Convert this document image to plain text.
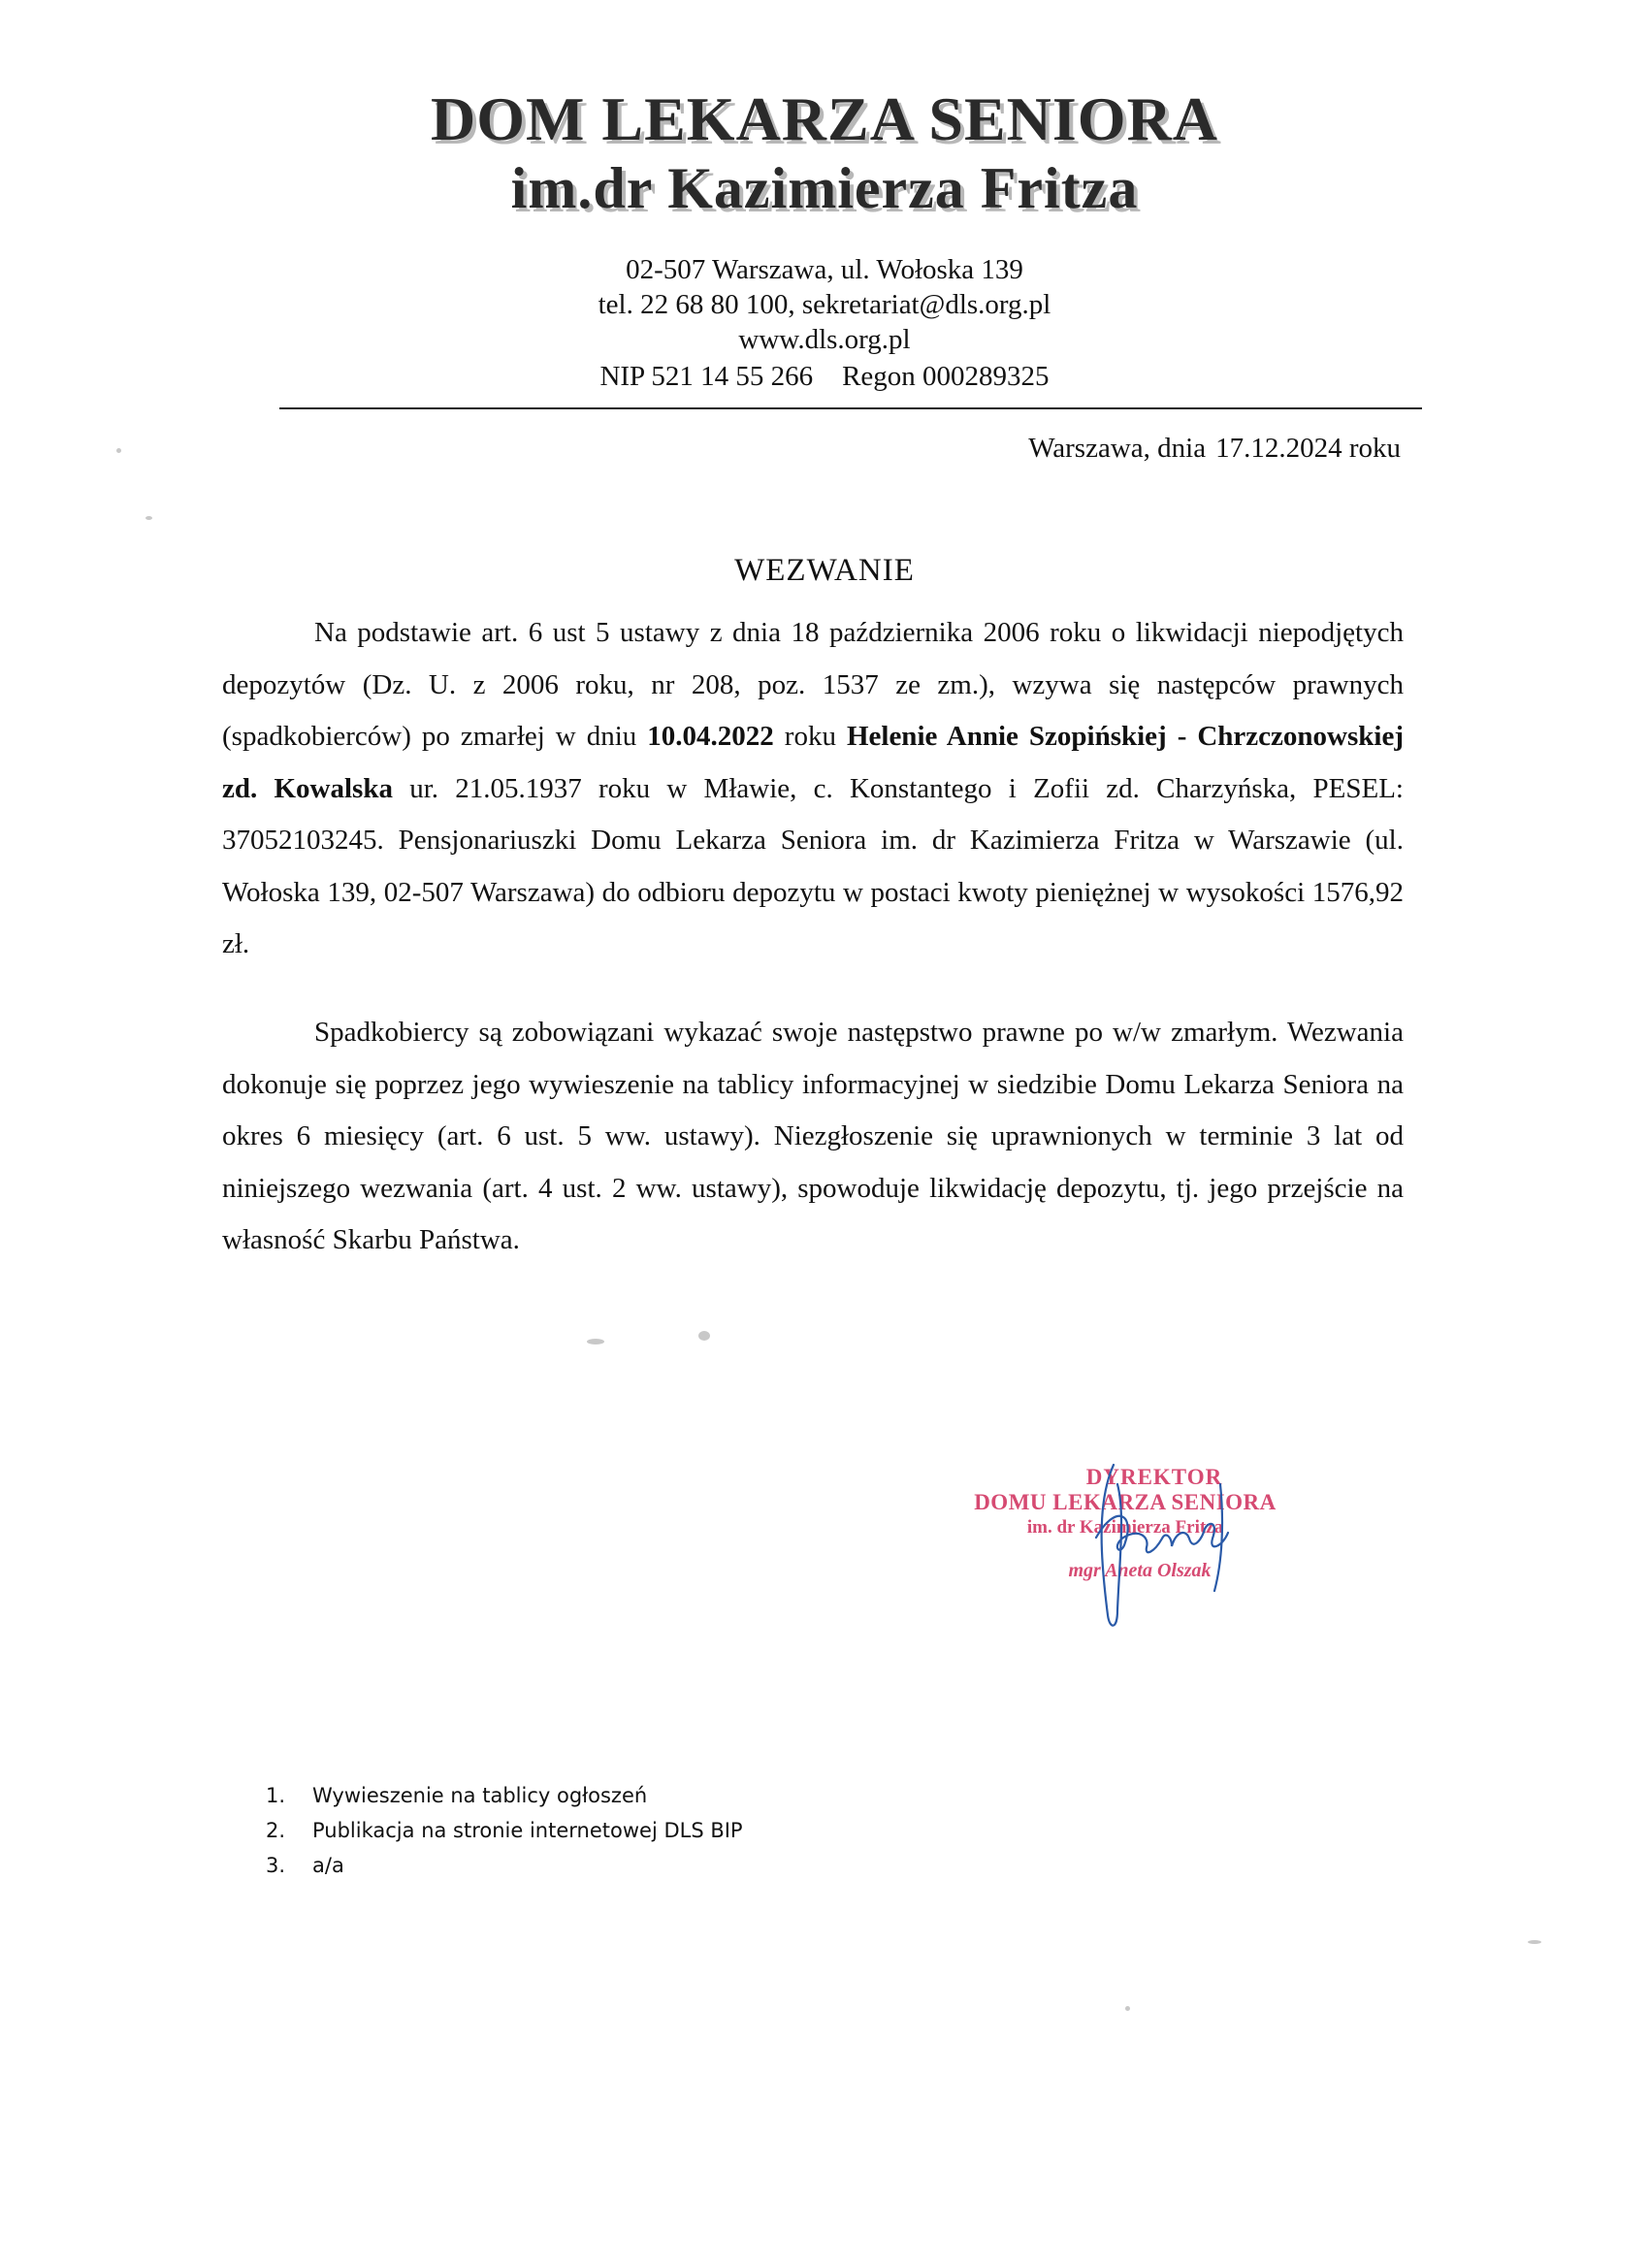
DOM LEKARZA SENIORA
im.dr Kazimierza Fritza
02-507 Warszawa, ul. Wołoska 139
tel. 22 68 80 100, sekretariat@dls.org.pl
www.dls.org.pl
NIP 521 14 55 266 Regon 000289325
Warszawa, dnia 17.12.2024 roku
WEZWANIE
Na podstawie art. 6 ust 5 ustawy z dnia 18 października 2006 roku o likwidacji niepodjętych depozytów (Dz. U. z 2006 roku, nr 208, poz. 1537 ze zm.), wzywa się następców prawnych (spadkobierców) po zmarłej w dniu 10.04.2022 roku Helenie Annie Szopińskiej - Chrzczonowskiej zd. Kowalska ur. 21.05.1937 roku w Mławie, c. Konstantego i Zofii zd. Charzyńska, PESEL: 37052103245. Pensjonariuszki Domu Lekarza Seniora im. dr Kazimierza Fritza w Warszawie (ul. Wołoska 139, 02-507 Warszawa) do odbioru depozytu w postaci kwoty pieniężnej w wysokości 1576,92 zł.
Spadkobiercy są zobowiązani wykazać swoje następstwo prawne po w/w zmarłym. Wezwania dokonuje się poprzez jego wywieszenie na tablicy informacyjnej w siedzibie Domu Lekarza Seniora na okres 6 miesięcy (art. 6 ust. 5 ww. ustawy). Niezgłoszenie się uprawnionych w terminie 3 lat od niniejszego wezwania (art. 4 ust. 2 ww. ustawy), spowoduje likwidację depozytu, tj. jego przejście na własność Skarbu Państwa.
DYREKTOR
DOMU LEKARZA SENIORA
im. dr Kazimierza Fritza
mgr Aneta Olszak
1.	Wywieszenie na tablicy ogłoszeń
2.	Publikacja na stronie internetowej DLS BIP
3.	a/a
